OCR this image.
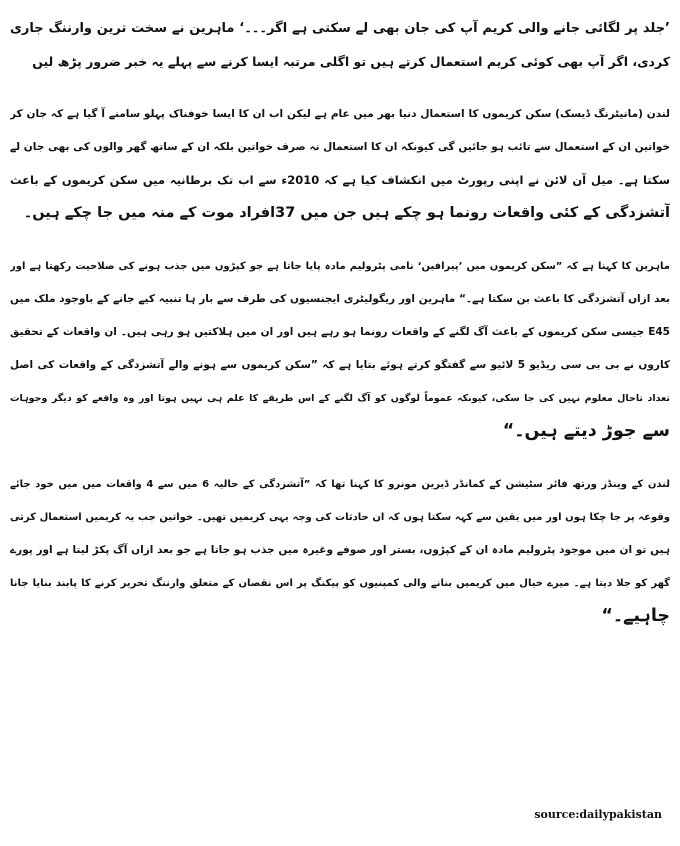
’جلد پر لگائی جانے والی کریم آپ کی جان بھی لے سکتی ہے اگر۔۔۔‘ ماہرین نے سخت ترین وارننگ جاری
کردی، اگر آپ بھی کوئی کریم استعمال کرتے ہیں تو اگلی مرتبہ ایسا کرنے سے پہلے یہ خبر ضرور پڑھ لیں
لندن (مانیٹرنگ ڈیسک) سکن کریموں کا استعمال دنیا بھر میں عام ہے لیکن اب ان کا ایسا خوفناک پہلو سامنے آ گیا ہے کہ جان کر
خواتین ان کے استعمال سے تائب ہو جائیں گی کیونکہ ان کا استعمال نہ صرف خواتین بلکہ ان کے ساتھ گھر والوں کی بھی جان لے
سکتا ہے۔ میل آن لائن نے اپنی رپورٹ میں انکشاف کیا ہے کہ 2010ء سے اب تک برطانیہ میں سکن کریموں کے باعث
آتشزدگی کے کئی واقعات رونما ہو چکے ہیں جن میں 37افراد موت کے منہ میں جا چکے ہیں۔
ماہرین کا کہنا ہے کہ ”سکن کریموں میں ’پیرافین‘ نامی پٹرولیم مادہ پایا جاتا ہے جو کپڑوں میں جذب ہونے کی صلاحیت رکھتا ہے اور
بعد ازاں آتشزدگی کا باعث بن سکتا ہے۔“ ماہرین اور ریگولیٹری ایجنسیوں کی طرف سے بار ہا تنبیہ کیے جانے کے باوجود ملک میں
E45 جیسی سکن کریموں کے باعث آگ لگنے کے واقعات رونما ہو رہے ہیں اور ان میں ہلاکتیں ہو رہی ہیں۔ ان واقعات کے تحقیق
کاروں نے بی بی سی ریڈیو 5 لائیو سے گفتگو کرتے ہوئے بتایا ہے کہ ”سکن کریموں سے ہونے والے آتشزدگی کے واقعات کی اصل
تعداد تاحال معلوم نہیں کی جا سکی، کیونکہ عموماً لوگوں کو آگ لگنے کے اس طریقے کا علم ہی نہیں ہوتا اور وہ واقعے کو دیگر وجوہات
سے جوڑ دیتے ہیں۔“
لندن کے وینڈز ورتھ فائر سٹیشن کے کمانڈر ڈیرین مونرو کا کہنا تھا کہ ”آتشزدگی کے حالیہ 6 میں سے 4 واقعات میں میں خود جائے
وقوعہ پر جا چکا ہوں اور میں یقین سے کہہ سکتا ہوں کہ ان حادثات کی وجہ یہی کریمیں تھیں۔ خواتین جب یہ کریمیں استعمال کرتی
ہیں تو ان میں موجود پٹرولیم مادہ ان کے کپڑوں، بستر اور صوفے وغیرہ میں جذب ہو جاتا ہے جو بعد ازاں آگ پکڑ لیتا ہے اور پورے
گھر کو جلا دیتا ہے۔ میرے خیال میں کریمیں بنانے والی کمپنیوں کو پیکنگ پر اس نقصان کے متعلق وارننگ تحریر کرنے کا پابند بنایا جانا
چاہیے۔“
source:dailypakistan
